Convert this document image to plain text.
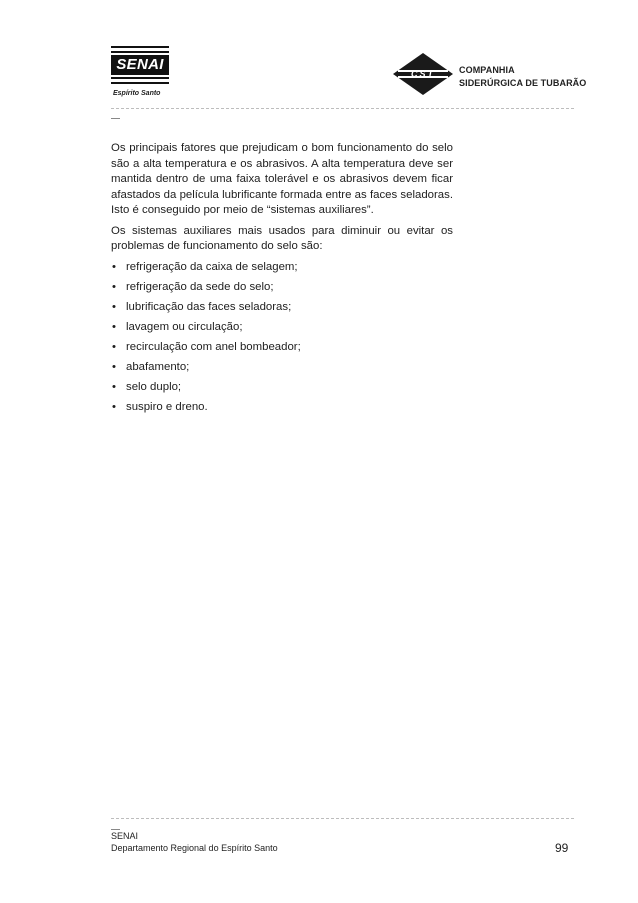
SENAI
Espírito Santo
CST	COMPANHIA
SIDERÚRGICA DE TUBARÃO

Os principais fatores que prejudicam o bom funcionamento do selo são a alta temperatura e os abrasivos. A alta temperatura deve ser mantida dentro de uma faixa tolerável e os abrasivos devem ficar afastados da película lubrificante formada entre as faces seladoras. Isto é conseguido por meio de “sistemas auxiliares”.

Os sistemas auxiliares mais usados para diminuir ou evitar os problemas de funcionamento do selo são:

• refrigeração da caixa de selagem;
• refrigeração da sede do selo;
• lubrificação das faces seladoras;
• lavagem ou circulação;
• recirculação com anel bombeador;
• abafamento;
• selo duplo;
• suspiro e dreno.
SENAI
Departamento Regional do Espírito Santo	99
